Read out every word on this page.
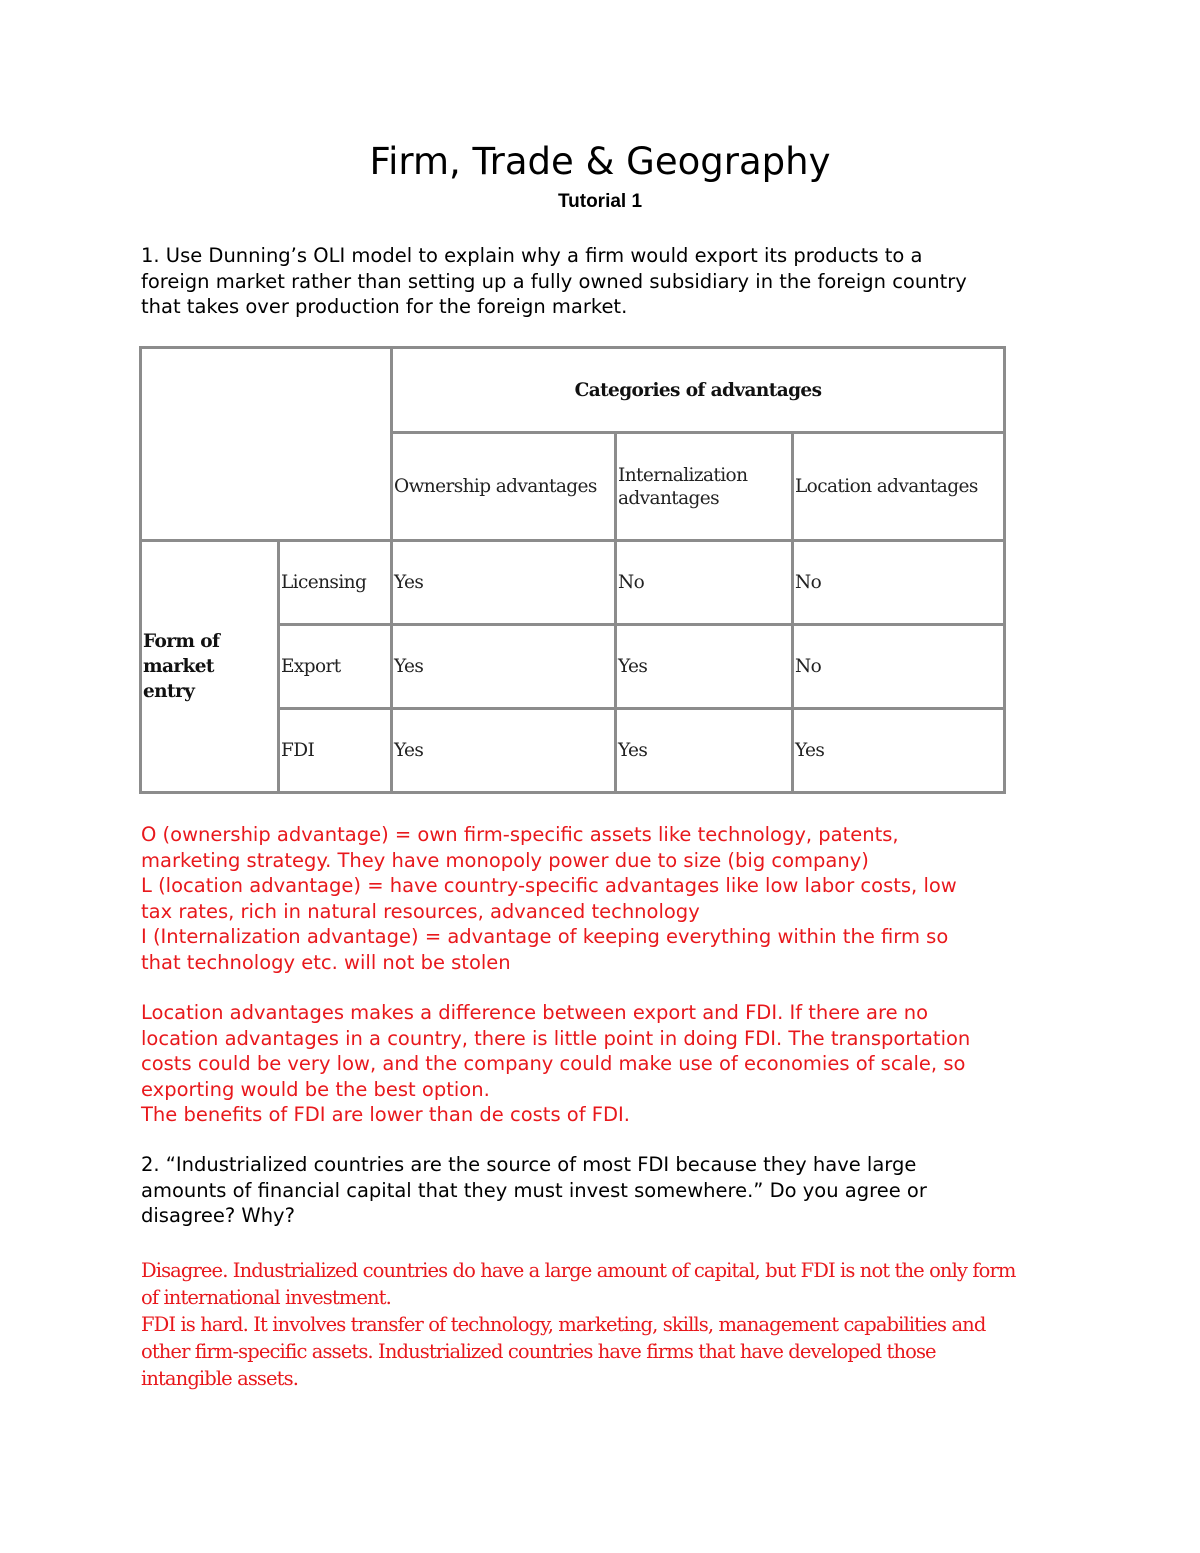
Firm, Trade & Geography
Tutorial 1
1. Use Dunning’s OLI model to explain why a firm would export its products to a
foreign market rather than setting up a fully owned subsidiary in the foreign country
that takes over production for the foreign market.
		Categories of advantages		
		Ownership advantages	Internalization
advantages	Location advantages

Form of
market
entry	Licensing	Yes	No	No
	Export	Yes	Yes	No
	FDI	Yes	Yes	Yes
O (ownership advantage) = own firm-specific assets like technology, patents,
marketing strategy. They have monopoly power due to size (big company)
L (location advantage) = have country-specific advantages like low labor costs, low
tax rates, rich in natural resources, advanced technology
I (Internalization advantage) = advantage of keeping everything within the firm so
that technology etc. will not be stolen
Location advantages makes a difference between export and FDI. If there are no
location advantages in a country, there is little point in doing FDI. The transportation
costs could be very low, and the company could make use of economies of scale, so
exporting would be the best option.
The benefits of FDI are lower than de costs of FDI.
2. “Industrialized countries are the source of most FDI because they have large
amounts of financial capital that they must invest somewhere.” Do you agree or
disagree? Why?
Disagree. Industrialized countries do have a large amount of capital, but FDI is not the only form
of international investment.
FDI is hard. It involves transfer of technology, marketing, skills, management capabilities and
other firm-specific assets. Industrialized countries have firms that have developed those
intangible assets.
